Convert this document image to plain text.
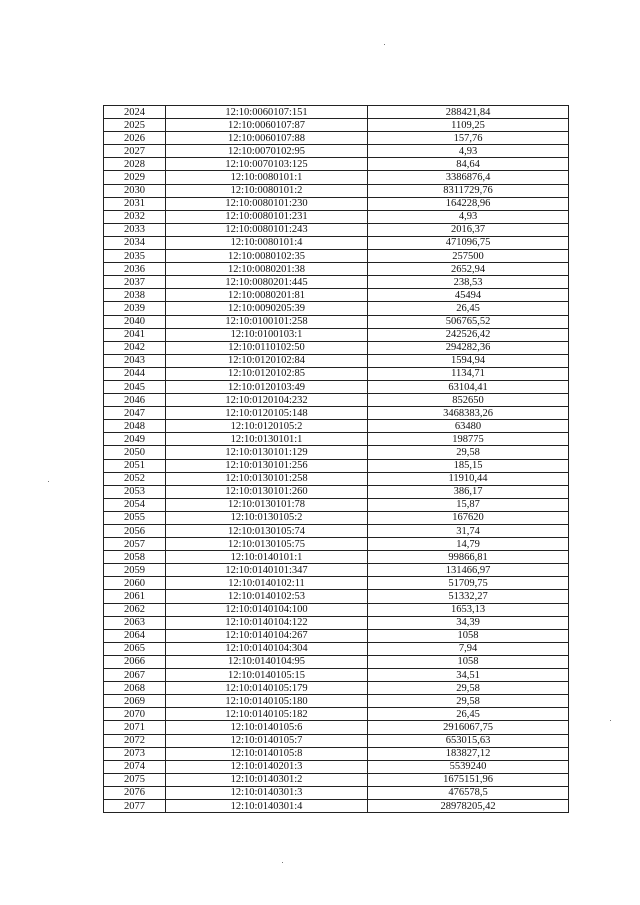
2024	12:10:0060107:151	288421,84
2025	12:10:0060107:87	1109,25
2026	12:10:0060107:88	157,76
2027	12:10:0070102:95	4,93
2028	12:10:0070103:125	84,64
2029	12:10:0080101:1	3386876,4
2030	12:10:0080101:2	8311729,76
2031	12:10:0080101:230	164228,96
2032	12:10:0080101:231	4,93
2033	12:10:0080101:243	2016,37
2034	12:10:0080101:4	471096,75
2035	12:10:0080102:35	257500
2036	12:10:0080201:38	2652,94
2037	12:10:0080201:445	238,53
2038	12:10:0080201:81	45494
2039	12:10:0090205:39	26,45
2040	12:10:0100101:258	506765,52
2041	12:10:0100103:1	242526,42
2042	12:10:0110102:50	294282,36
2043	12:10:0120102:84	1594,94
2044	12:10:0120102:85	1134,71
2045	12:10:0120103:49	63104,41
2046	12:10:0120104:232	852650
2047	12:10:0120105:148	3468383,26
2048	12:10:0120105:2	63480
2049	12:10:0130101:1	198775
2050	12:10:0130101:129	29,58
2051	12:10:0130101:256	185,15
2052	12:10:0130101:258	11910,44
2053	12:10:0130101:260	386,17
2054	12:10:0130101:78	15,87
2055	12:10:0130105:2	167620
2056	12:10:0130105:74	31,74
2057	12:10:0130105:75	14,79
2058	12:10:0140101:1	99866,81
2059	12:10:0140101:347	131466,97
2060	12:10:0140102:11	51709,75
2061	12:10:0140102:53	51332,27
2062	12:10:0140104:100	1653,13
2063	12:10:0140104:122	34,39
2064	12:10:0140104:267	1058
2065	12:10:0140104:304	7,94
2066	12:10:0140104:95	1058
2067	12:10:0140105:15	34,51
2068	12:10:0140105:179	29,58
2069	12:10:0140105:180	29,58
2070	12:10:0140105:182	26,45
2071	12:10:0140105:6	2916067,75
2072	12:10:0140105:7	653015,63
2073	12:10:0140105:8	183827,12
2074	12:10:0140201:3	5539240
2075	12:10:0140301:2	1675151,96
2076	12:10:0140301:3	476578,5
2077	12:10:0140301:4	28978205,42
